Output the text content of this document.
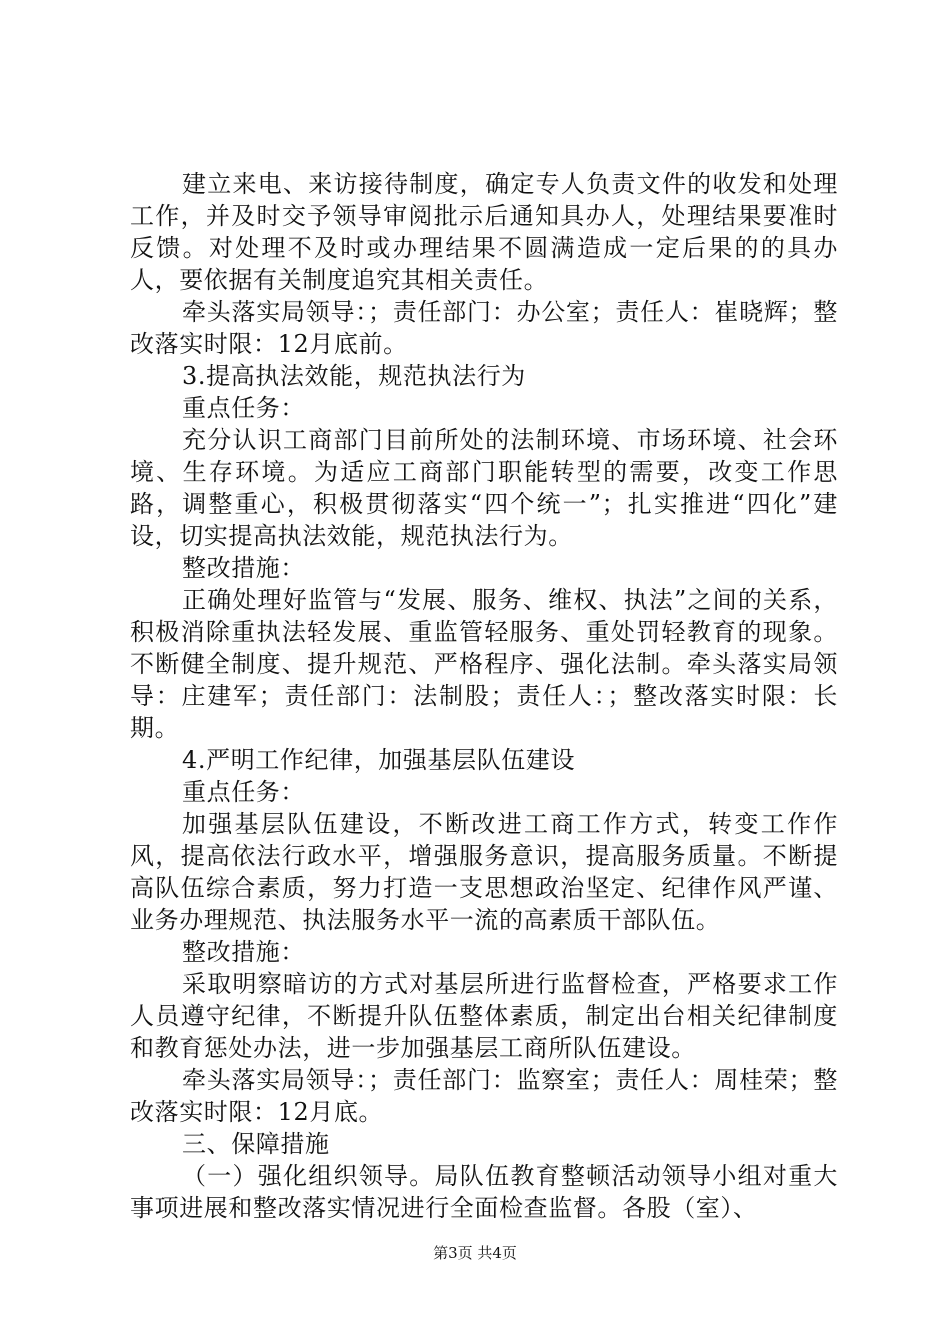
建立来电、来访接待制度，确定专人负责文件的收发和处理工作，并及时交予领导审阅批示后通知具办人，处理结果要准时反馈。对处理不及时或办理结果不圆满造成一定后果的的具办人，要依据有关制度追究其相关责任。

牵头落实局领导：；责任部门：办公室；责任人：崔晓辉；整改落实时限：12月底前。

3.提高执法效能，规范执法行为

重点任务：

充分认识工商部门目前所处的法制环境、市场环境、社会环境、生存环境。为适应工商部门职能转型的需要，改变工作思路，调整重心，积极贯彻落实“四个统一”；扎实推进“四化”建设，切实提高执法效能，规范执法行为。

整改措施：

正确处理好监管与“发展、服务、维权、执法”之间的关系，积极消除重执法轻发展、重监管轻服务、重处罚轻教育的现象。不断健全制度、提升规范、严格程序、强化法制。牵头落实局领导：庄建军；责任部门：法制股；责任人：；整改落实时限：长期。

4.严明工作纪律，加强基层队伍建设

重点任务：

加强基层队伍建设，不断改进工商工作方式，转变工作作风，提高依法行政水平，增强服务意识，提高服务质量。不断提高队伍综合素质，努力打造一支思想政治坚定、纪律作风严谨、业务办理规范、执法服务水平一流的高素质干部队伍。

整改措施：

采取明察暗访的方式对基层所进行监督检查，严格要求工作人员遵守纪律，不断提升队伍整体素质，制定出台相关纪律制度和教育惩处办法，进一步加强基层工商所队伍建设。

牵头落实局领导：；责任部门：监察室；责任人：周桂荣；整改落实时限：12月底。

三、保障措施

（一）强化组织领导。局队伍教育整顿活动领导小组对重大事项进展和整改落实情况进行全面检查监督。各股（室）、

第3页 共4页
